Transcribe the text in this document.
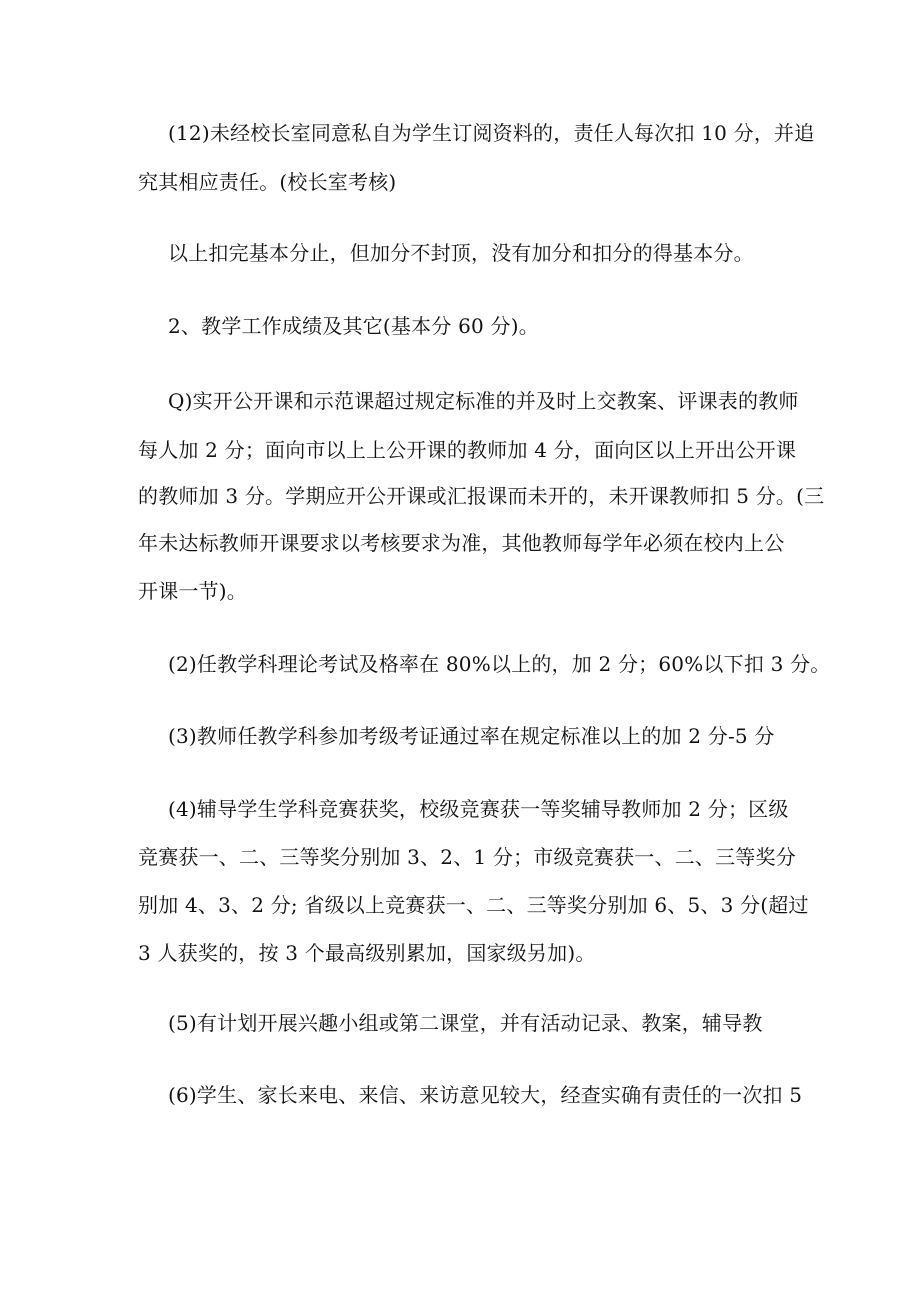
(12)未经校长室同意私自为学生订阅资料的，责任人每次扣 10 分，并追
究其相应责任。(校长室考核)
以上扣完基本分止，但加分不封顶，没有加分和扣分的得基本分。
2、教学工作成绩及其它(基本分 60 分)。
Q)实开公开课和示范课超过规定标准的并及时上交教案、评课表的教师
每人加 2 分；面向市以上上公开课的教师加 4 分，面向区以上开出公开课
的教师加 3 分。学期应开公开课或汇报课而未开的，未开课教师扣 5 分。(三
年未达标教师开课要求以考核要求为准，其他教师每学年必须在校内上公
开课一节)。
(2)任教学科理论考试及格率在 80%以上的，加 2 分；60%以下扣 3 分。
(3)教师任教学科参加考级考证通过率在规定标准以上的加 2 分-5 分
(4)辅导学生学科竞赛获奖，校级竞赛获一等奖辅导教师加 2 分；区级
竞赛获一、二、三等奖分别加 3、2、1 分；市级竞赛获一、二、三等奖分
别加 4、3、2 分; 省级以上竞赛获一、二、三等奖分别加 6、5、3 分(超过
3 人获奖的，按 3 个最高级别累加，国家级另加)。
(5)有计划开展兴趣小组或第二课堂，并有活动记录、教案，辅导教
(6)学生、家长来电、来信、来访意见较大，经查实确有责任的一次扣 5
